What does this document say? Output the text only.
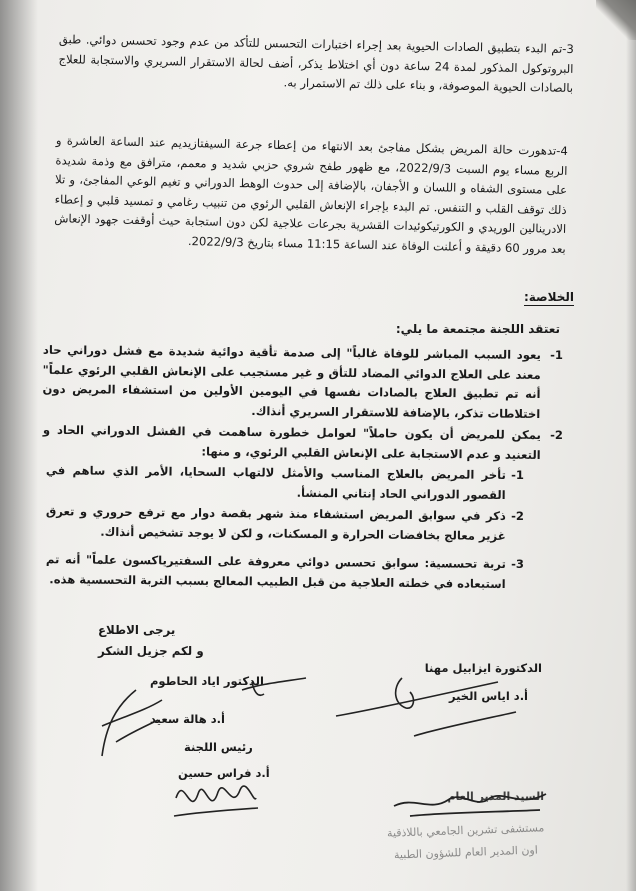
3-تم البدء بتطبيق الصادات الحيوية بعد إجراء اختبارات التحسس للتأكد من عدم وجود تحسس دوائي. طبق البروتوكول المذكور لمدة 24 ساعة دون أي اختلاط يذكر، أضف لحالة الاستقرار السريري والاستجابة للعلاج بالصادات الحيوية الموصوفة، و بناء على ذلك تم الاستمرار به.

4-تدهورت حالة المريض بشكل مفاجئ بعد الانتهاء من إعطاء جرعة السيفتازيديم عند الساعة العاشرة و الربع مساء يوم السبت 2022/9/3، مع ظهور طفح شروي حزبي شديد و معمم، مترافق مع وذمة شديدة على مستوى الشفاه و اللسان و الأجفان، بالإضافة إلى حدوث الوهط الدوراني و تغيم الوعي المفاجئ، و تلا ذلك توقف القلب و التنفس. تم البدء بإجراء الإنعاش القلبي الرئوي من تنبيب رغامي و تمسيد قلبي و إعطاء الادرينالين الوريدي و الكورتيكوئيدات القشرية بجرعات علاجية لكن دون استجابة حيث أوقفت جهود الإنعاش بعد مرور 60 دقيقة و أعلنت الوفاة عند الساعة 11:15 مساء بتاريخ 2022/9/3.

الخلاصة:

تعتقد اللجنة مجتمعة ما يلي:

-1

يعود السبب المباشر للوفاة غالباً" إلى صدمة تأقية دوائية شديدة مع فشل دوراني حاد معند على العلاج الدوائي المضاد للتأق و غير مستجيب على الإنعاش القلبي الرئوي علماً" أنه تم تطبيق العلاج بالصادات نفسها في اليومين الأولين من استشفاء المريض دون اختلاطات تذكر، بالإضافة للاستقرار السريري أنذاك.

-2

يمكن للمريض أن يكون حاملاً" لعوامل خطورة ساهمت في الفشل الدوراني الحاد و التعنيد و عدم الاستجابة على الإنعاش القلبي الرئوي، و منها:

-1

تأخر المريض بالعلاج المناسب والأمثل لالتهاب السحايا، الأمر الذي ساهم في القصور الدوراني الحاد إنتاني المنشأ.

-2

ذكر في سوابق المريض استشفاء منذ شهر بقصة دوار مع ترفع حروري و تعرق غزير معالج بخافضات الحرارة و المسكنات، و لكن لا يوجد تشخيص أنذاك.

-3

تربة تحسسية: سوابق تحسس دوائي معروفة على السفتيرياكسون علماً" أنه تم استبعاده في خطته العلاجية من قبل الطبيب المعالج بسبب التربة التحسسية هذه.

يرجى الاطلاع

و لكم جزيل الشكر

الدكتور اياد الحاطوم

أ.د هالة سعيد

رئيس اللجنة

أ.د فراس حسين

الدكتورة ايزابيل مهنا

أ.د اياس الخير

السيد المدير العام

مستشفى تشرين الجامعي باللاذقية

اون المدير العام للشؤون الطبية
